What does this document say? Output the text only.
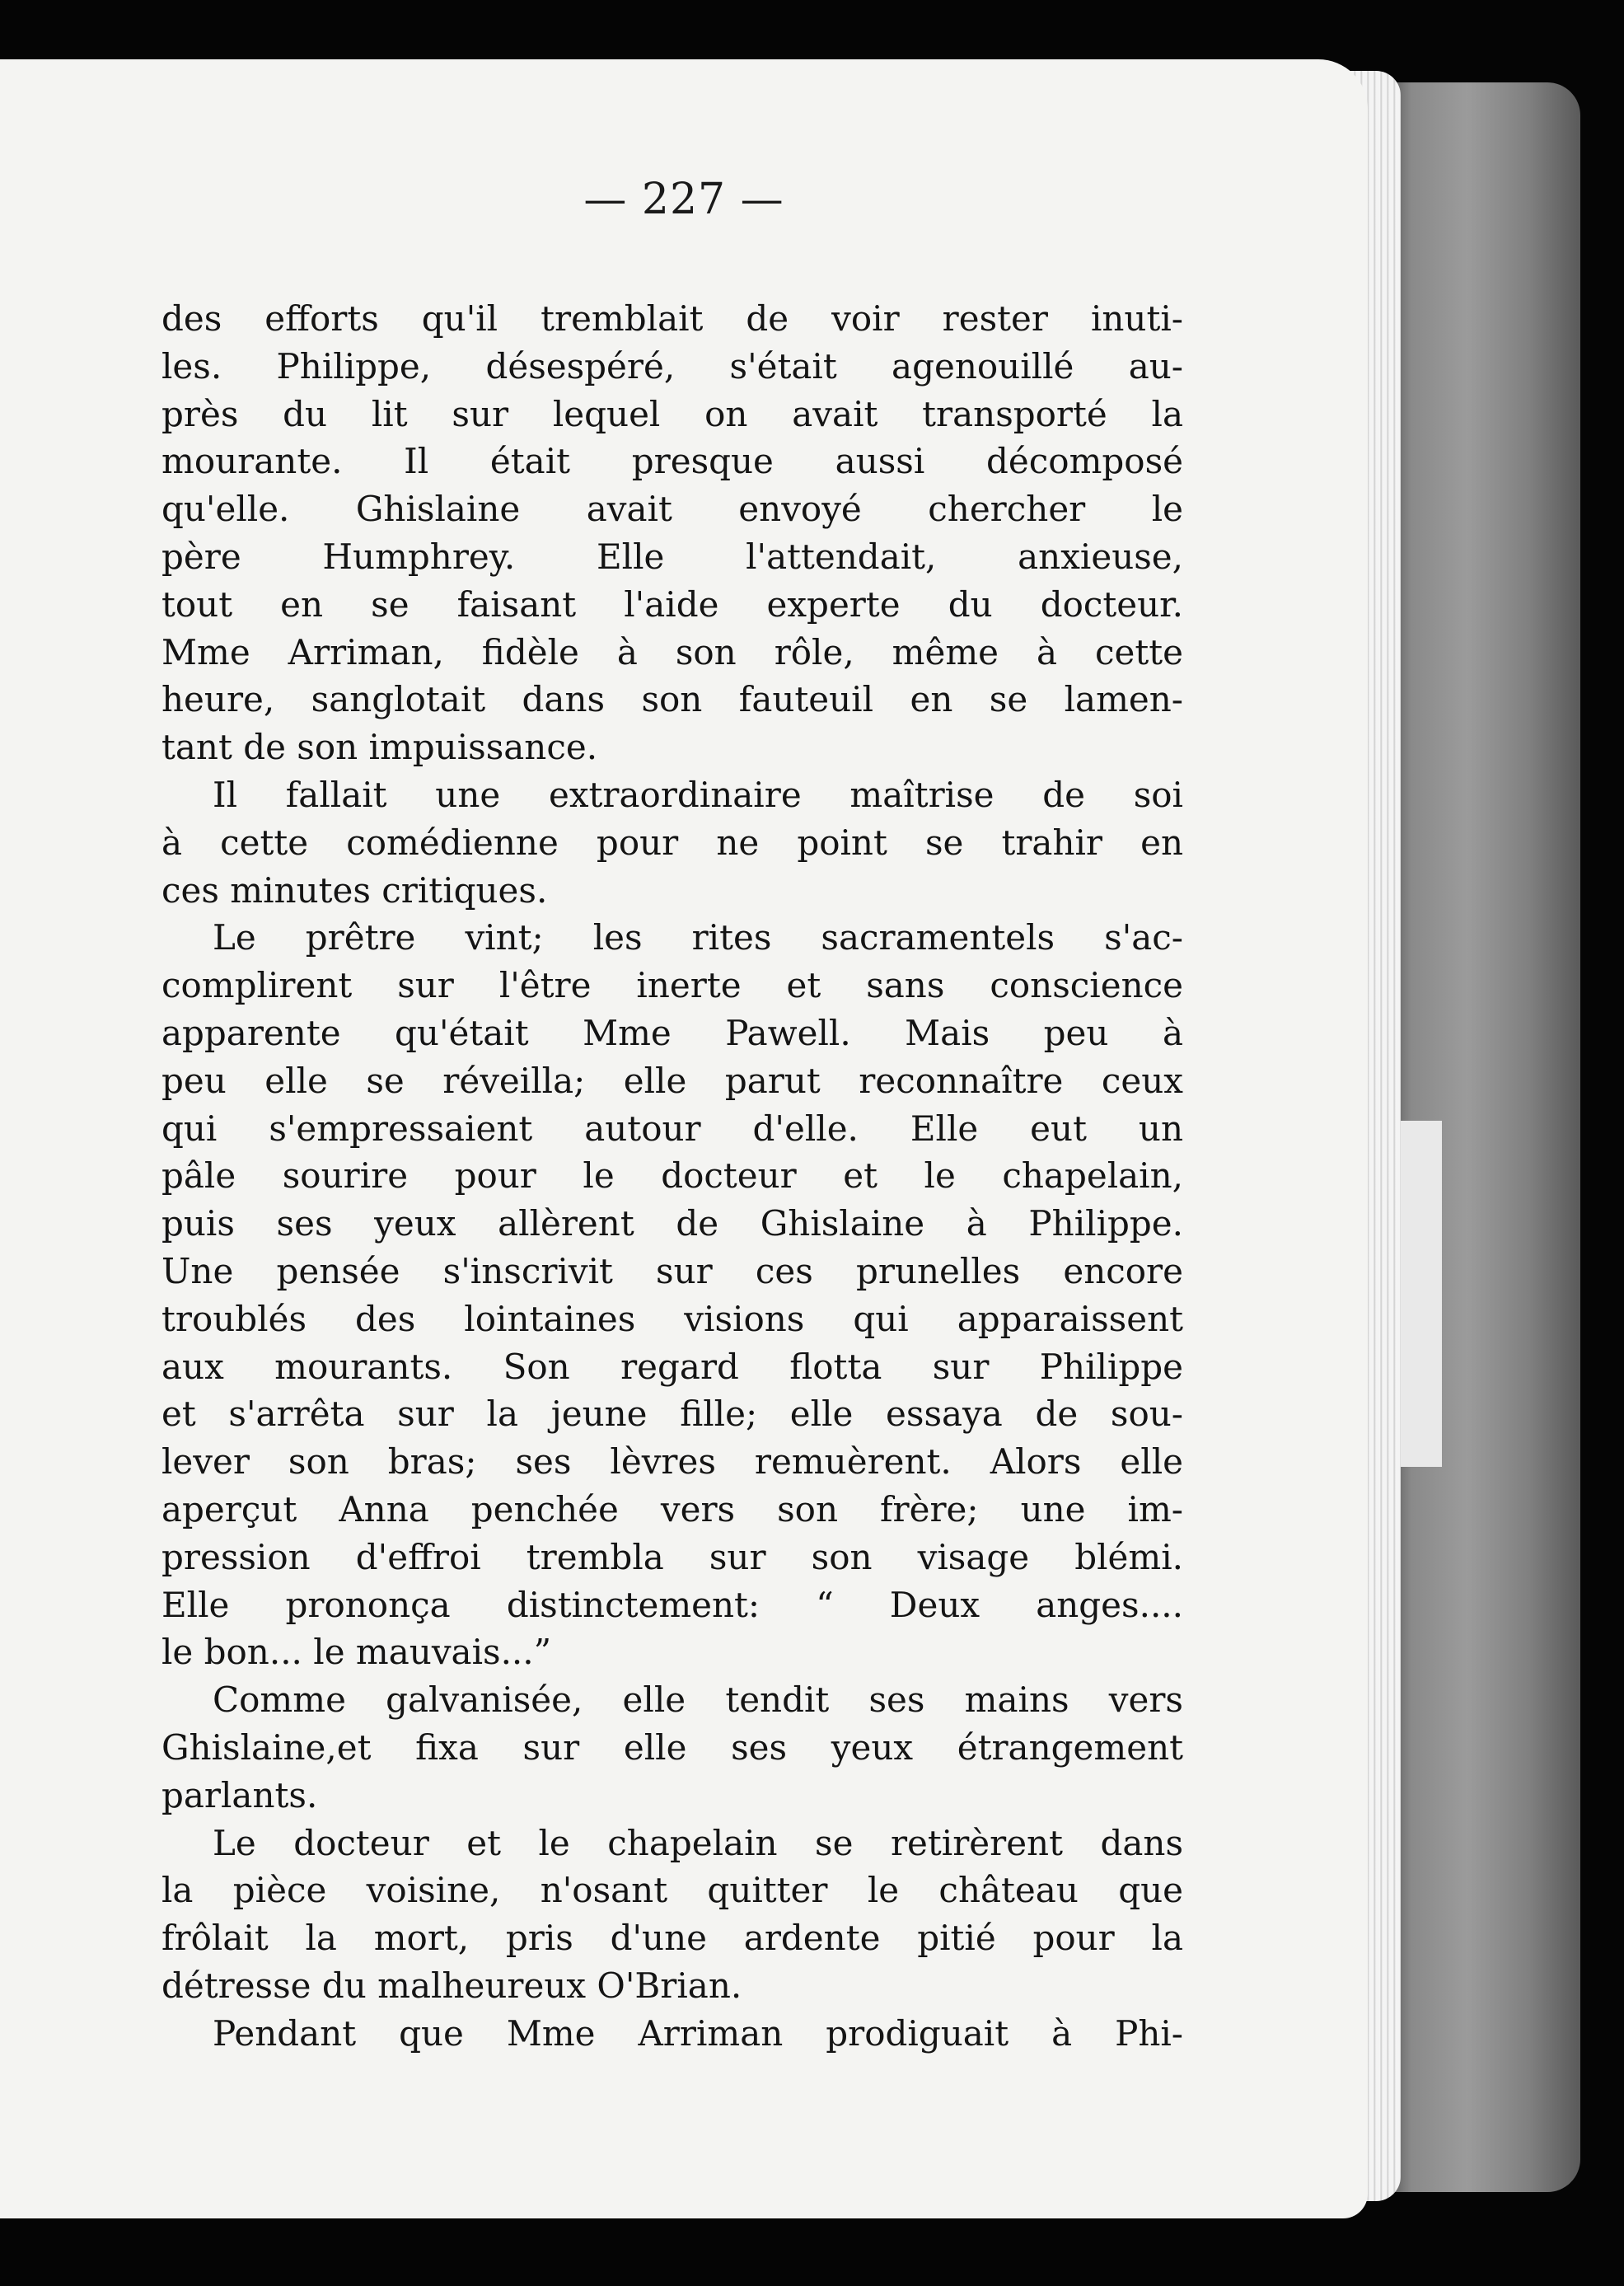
— 227 —
des efforts qu'il tremblait de voir rester inuti-
les. Philippe, désespéré, s'était agenouillé au-
près du lit sur lequel on avait transporté la
mourante. Il était presque aussi décomposé
qu'elle. Ghislaine avait envoyé chercher le
père Humphrey. Elle l'attendait, anxieuse,
tout en se faisant l'aide experte du docteur.
Mme Arriman, fidèle à son rôle, même à cette
heure, sanglotait dans son fauteuil en se lamen-
tant de son impuissance.
Il fallait une extraordinaire maîtrise de soi
à cette comédienne pour ne point se trahir en
ces minutes critiques.
Le prêtre vint; les rites sacramentels s'ac-
complirent sur l'être inerte et sans conscience
apparente qu'était Mme Pawell. Mais peu à
peu elle se réveilla; elle parut reconnaître ceux
qui s'empressaient autour d'elle. Elle eut un
pâle sourire pour le docteur et le chapelain,
puis ses yeux allèrent de Ghislaine à Philippe.
Une pensée s'inscrivit sur ces prunelles encore
troublés des lointaines visions qui apparaissent
aux mourants. Son regard flotta sur Philippe
et s'arrêta sur la jeune fille; elle essaya de sou-
lever son bras; ses lèvres remuèrent. Alors elle
aperçut Anna penchée vers son frère; une im-
pression d'effroi trembla sur son visage blémi.
Elle prononça distinctement: “ Deux anges....
le bon... le mauvais...”
Comme galvanisée, elle tendit ses mains vers
Ghislaine,et fixa sur elle ses yeux étrangement
parlants.
Le docteur et le chapelain se retirèrent dans
la pièce voisine, n'osant quitter le château que
frôlait la mort, pris d'une ardente pitié pour la
détresse du malheureux O'Brian.
Pendant que Mme Arriman prodiguait à Phi-
